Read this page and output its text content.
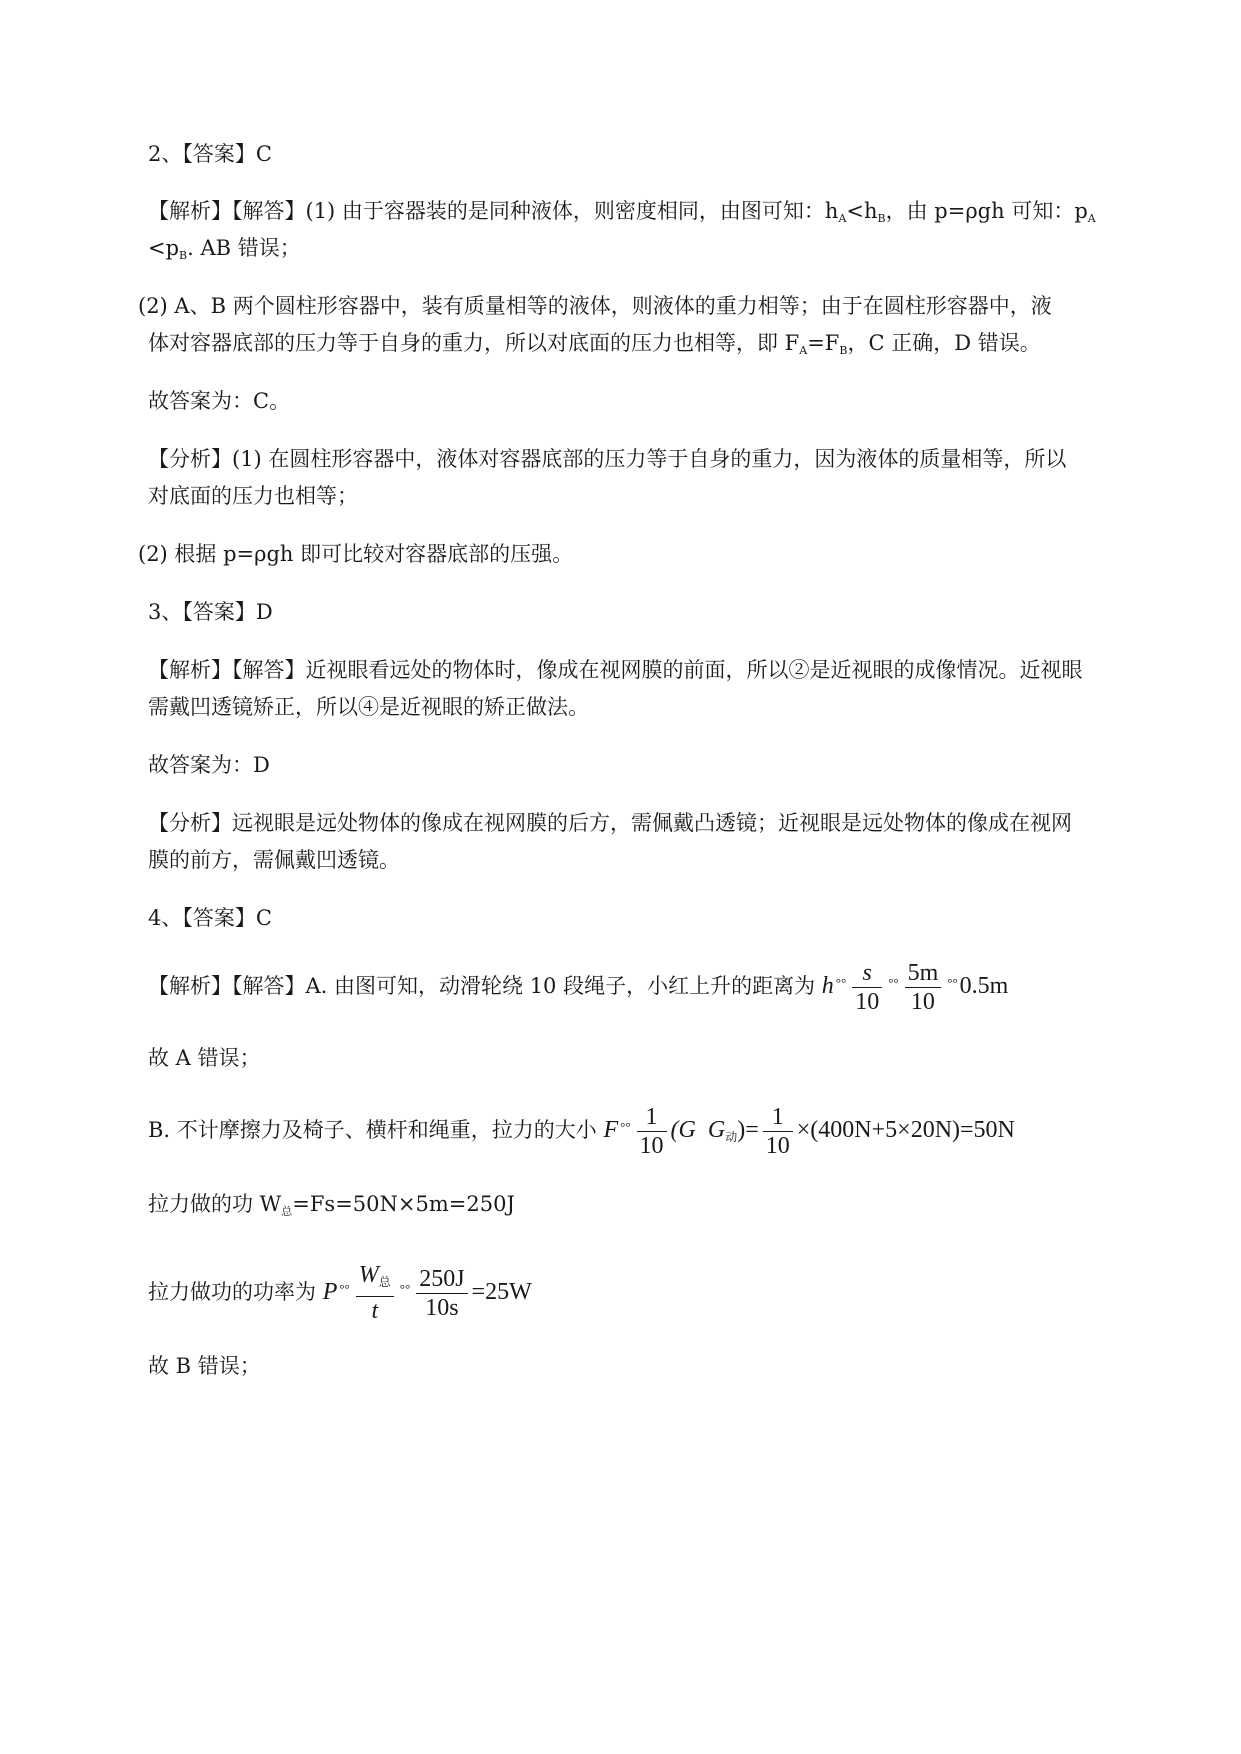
2、【答案】C
【解析】【解答】(1) 由于容器装的是同种液体，则密度相同，由图可知：$h_A<h_B$，由 p=ρgh 可知：$p_A$
$<p_B$. AB 错误；
(2) A、B 两个圆柱形容器中，装有质量相等的液体，则液体的重力相等；由于在圆柱形容器中，液
体对容器底部的压力等于自身的重力，所以对底面的压力也相等，即 $F_A=F_B$，C 正确，D 错误。
故答案为：C。
【分析】(1) 在圆柱形容器中，液体对容器底部的压力等于自身的重力，因为液体的质量相等，所以
对底面的压力也相等；
(2) 根据 p=ρgh 即可比较对容器底部的压强。
3、【答案】D
【解析】【解答】近视眼看远处的物体时，像成在视网膜的前面，所以②是近视眼的成像情况。近视眼
需戴凹透镜矫正，所以④是近视眼的矫正做法。
故答案为：D
【分析】远视眼是远处物体的像成在视网膜的后方，需佩戴凸透镜；近视眼是远处物体的像成在视网
膜的前方，需佩戴凹透镜。
4、【答案】C
【解析】【解答】A. 由图可知，动滑轮绕 10 段绳子，小红上升的距离为 h $^{^\circ^\circ} \frac{s}{10} ^{^\circ^\circ} \frac{5m}{10} ^{^\circ^\circ}0.5m$
故 A 错误；
B. 不计摩擦力及椅子、横杆和绳重，拉力的大小 F $^{^\circ^\circ} \frac{1}{10} (G$ G动)= $\frac{1}{10} \times(400N+5\times 20N)=50N$
拉力做的功 $W_总=Fs=50N\times 5m=250J$
拉力做功的功率为 P $^{^\circ^\circ} \frac{\text{W总}}{t} ^{^\circ^\circ} \frac{250J}{10s} =25W$
故 B 错误；
